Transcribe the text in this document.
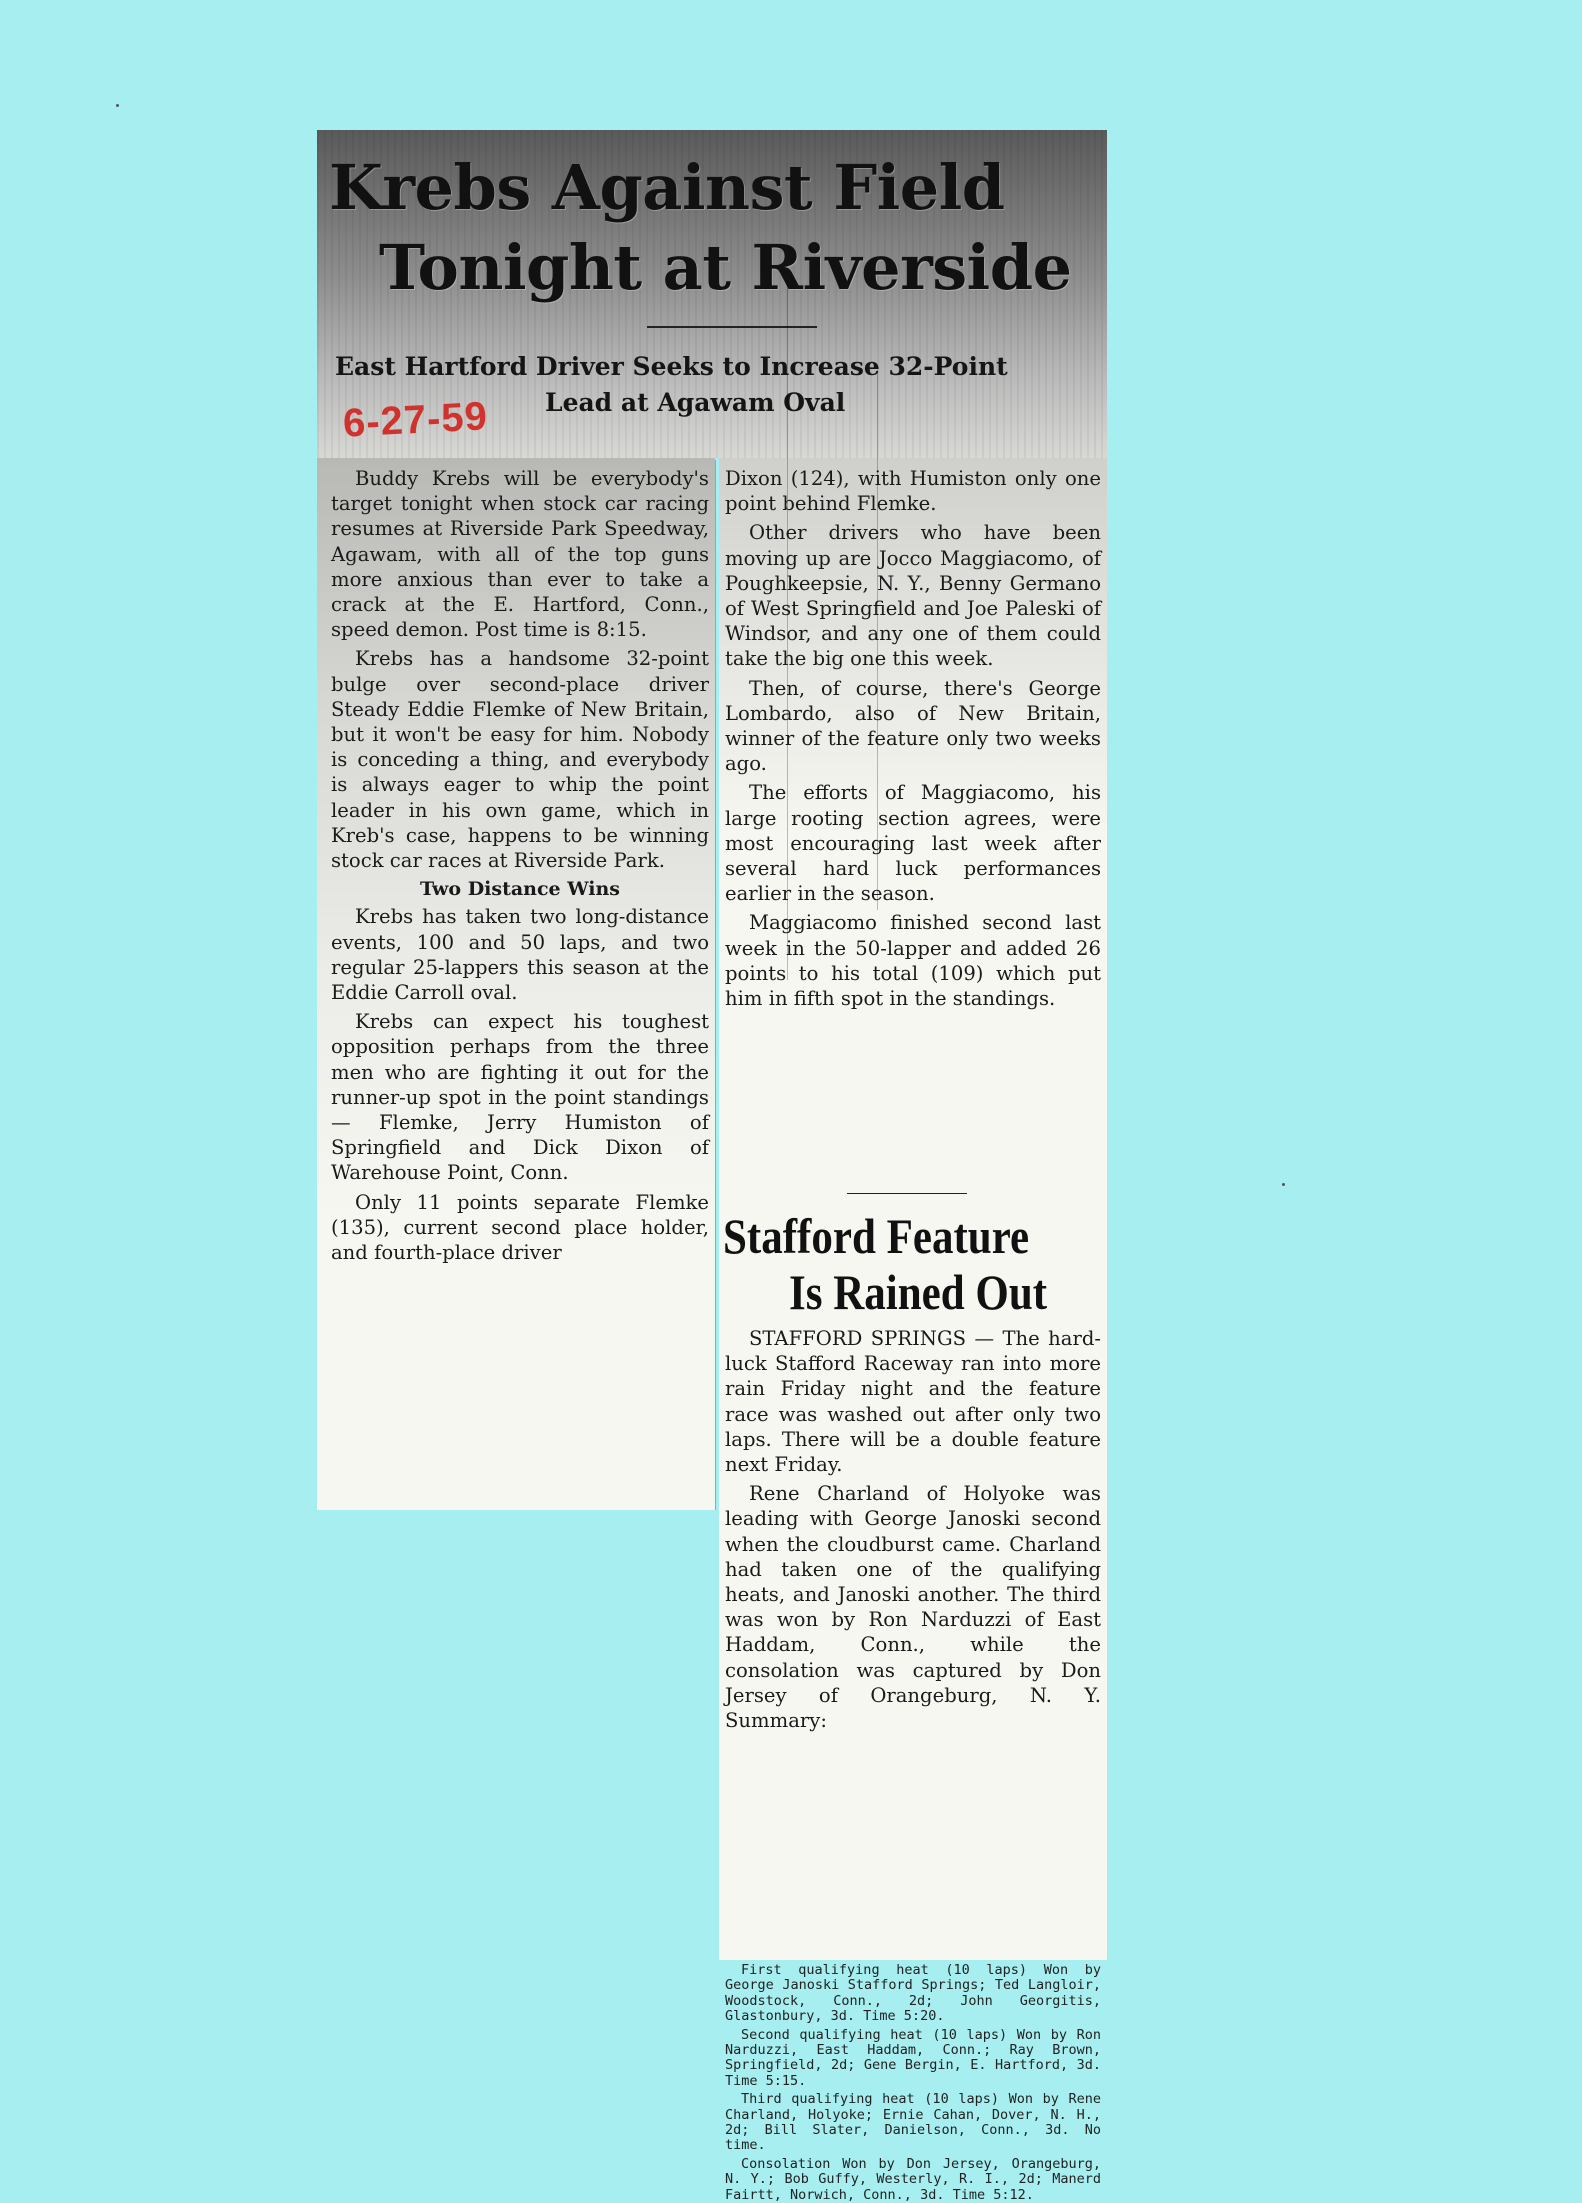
Krebs Against Field
Tonight at Riverside
East Hartford Driver Seeks to Increase 32-Point
Lead at Agawam Oval
6-27-59

Buddy Krebs will be everybody's target tonight when stock car racing resumes at Riverside Park Speedway, Agawam, with all of the top guns more anxious than ever to take a crack at the E. Hartford, Conn., speed demon. Post time is 8:15.

Krebs has a handsome 32-point bulge over second-place driver Steady Eddie Flemke of New Britain, but it won't be easy for him. Nobody is conceding a thing, and everybody is always eager to whip the point leader in his own game, which in Kreb's case, happens to be winning stock car races at Riverside Park.

Two Distance Wins

Krebs has taken two long-distance events, 100 and 50 laps, and two regular 25-lappers this season at the Eddie Carroll oval.

Krebs can expect his toughest opposition perhaps from the three men who are fighting it out for the runner-up spot in the point standings — Flemke, Jerry Humiston of Springfield and Dick Dixon of Warehouse Point, Conn.

Only 11 points separate Flemke (135), current second place holder, and fourth-place driver

Dixon (124), with Humiston only one point behind Flemke.

Other drivers who have been moving up are Jocco Maggiacomo, of Poughkeepsie, N. Y., Benny Germano of West Springfield and Joe Paleski of Windsor, and any one of them could take the big one this week.

Then, of course, there's George Lombardo, also of New Britain, winner of the feature only two weeks ago.

The efforts of Maggiacomo, his large rooting section agrees, were most encouraging last week after several hard luck performances earlier in the season.

Maggiacomo finished second last week in the 50-lapper and added 26 points to his total (109) which put him in fifth spot in the standings.

Stafford Feature
Is Rained Out

STAFFORD SPRINGS — The hard-luck Stafford Raceway ran into more rain Friday night and the feature race was washed out after only two laps. There will be a double feature next Friday.

Rene Charland of Holyoke was leading with George Janoski second when the cloudburst came. Charland had taken one of the qualifying heats, and Janoski another. The third was won by Ron Narduzzi of East Haddam, Conn., while the consolation was captured by Don Jersey of Orangeburg, N. Y. Summary:

First qualifying heat (10 laps) Won by George Janoski Stafford Springs; Ted Langloir, Woodstock, Conn., 2d; John Georgitis, Glastonbury, 3d. Time 5:20.

Second qualifying heat (10 laps) Won by Ron Narduzzi, East Haddam, Conn.; Ray Brown, Springfield, 2d; Gene Bergin, E. Hartford, 3d. Time 5:15.

Third qualifying heat (10 laps) Won by Rene Charland, Holyoke; Ernie Cahan, Dover, N. H., 2d; Bill Slater, Danielson, Conn., 3d. No time.

Consolation Won by Don Jersey, Orangeburg, N. Y.; Bob Guffy, Westerly, R. I., 2d; Manerd Fairtt, Norwich, Conn., 3d. Time 5:12.
